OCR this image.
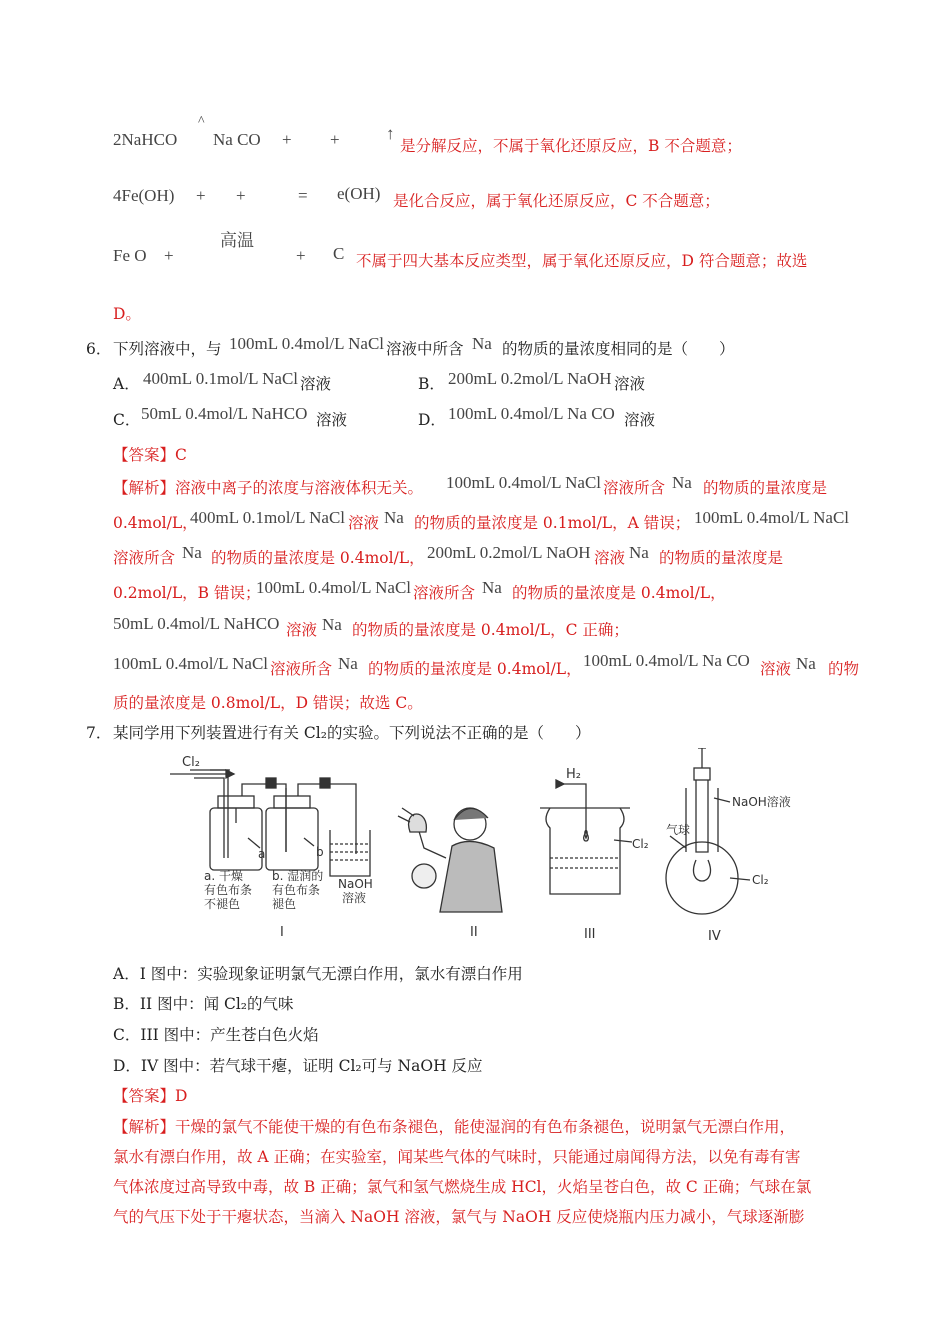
2NaHCO
^
Na CO + +	↑
是分解反应，不属于氧化还原反应，B 不合题意；
4Fe(OH) + +	= e(OH) 是化合反应，属于氧化还原反应，C 不合题意；
高温
Fe O +	+ C 不属于四大基本反应类型，属于氧化还原反应，D 符合题意；故选
D。
6． 下列溶液中，与 100mL 0.4mol/L NaCl 溶液中所含 Na 的物质的量浓度相同的是（　　）
A． 400mL 0.1mol/L NaCl 溶液	B． 200mL 0.2mol/L NaOH 溶液
C． 50mL 0.4mol/L NaHCO 溶液	D． 100mL 0.4mol/L Na CO 溶液
【答案】C
【解析】溶液中离子的浓度与溶液体积无关。 100mL 0.4mol/L NaCl 溶液所含 Na 的物质的量浓度是
0.4mol/L，
400mL 0.1mol/L NaCl 溶液 Na 的物质的量浓度是 0.1mol/L，A 错误； 100mL 0.4mol/L NaCl
溶液所含 Na 的物质的量浓度是 0.4mol/L， 200mL 0.2mol/L NaOH 溶液 Na 的物质的量浓度是
0.2mol/L，B 错误；
100mL 0.4mol/L NaCl 溶液所含 Na 的物质的量浓度是 0.4mol/L，
50mL 0.4mol/L NaHCO 溶液 Na 的物质的量浓度是 0.4mol/L，C 正确；
100mL 0.4mol/L NaCl 溶液所含 Na 的物质的量浓度是 0.4mol/L， 100mL 0.4mol/L Na CO 溶液 Na 的物
质的量浓度是 0.8mol/L，D 错误；故选 C。
7． 某同学用下列装置进行有关 Cl₂的实验。下列说法不正确的是（　　）
Cl₂
a	b
a. 干燥
有色布条
不褪色
b. 湿润的
有色布条
褪色
NaOH
溶液
H₂
Cl₂
NaOH溶液
气球
Cl₂
I	II	III	IV
A．I 图中：实验现象证明氯气无漂白作用，氯水有漂白作用
B．II 图中：闻 Cl₂的气味
C．III 图中：产生苍白色火焰
D．IV 图中：若气球干瘪，证明 Cl₂可与 NaOH 反应
【答案】D
【解析】干燥的氯气不能使干燥的有色布条褪色，能使湿润的有色布条褪色，说明氯气无漂白作用，
氯水有漂白作用，故 A 正确；在实验室，闻某些气体的气味时，只能通过扇闻得方法，以免有毒有害
气体浓度过高导致中毒，故 B 正确；氯气和氢气燃烧生成 HCl，火焰呈苍白色，故 C 正确；气球在氯
气的气压下处于干瘪状态，当滴入 NaOH 溶液，氯气与 NaOH 反应使烧瓶内压力减小，气球逐渐膨
